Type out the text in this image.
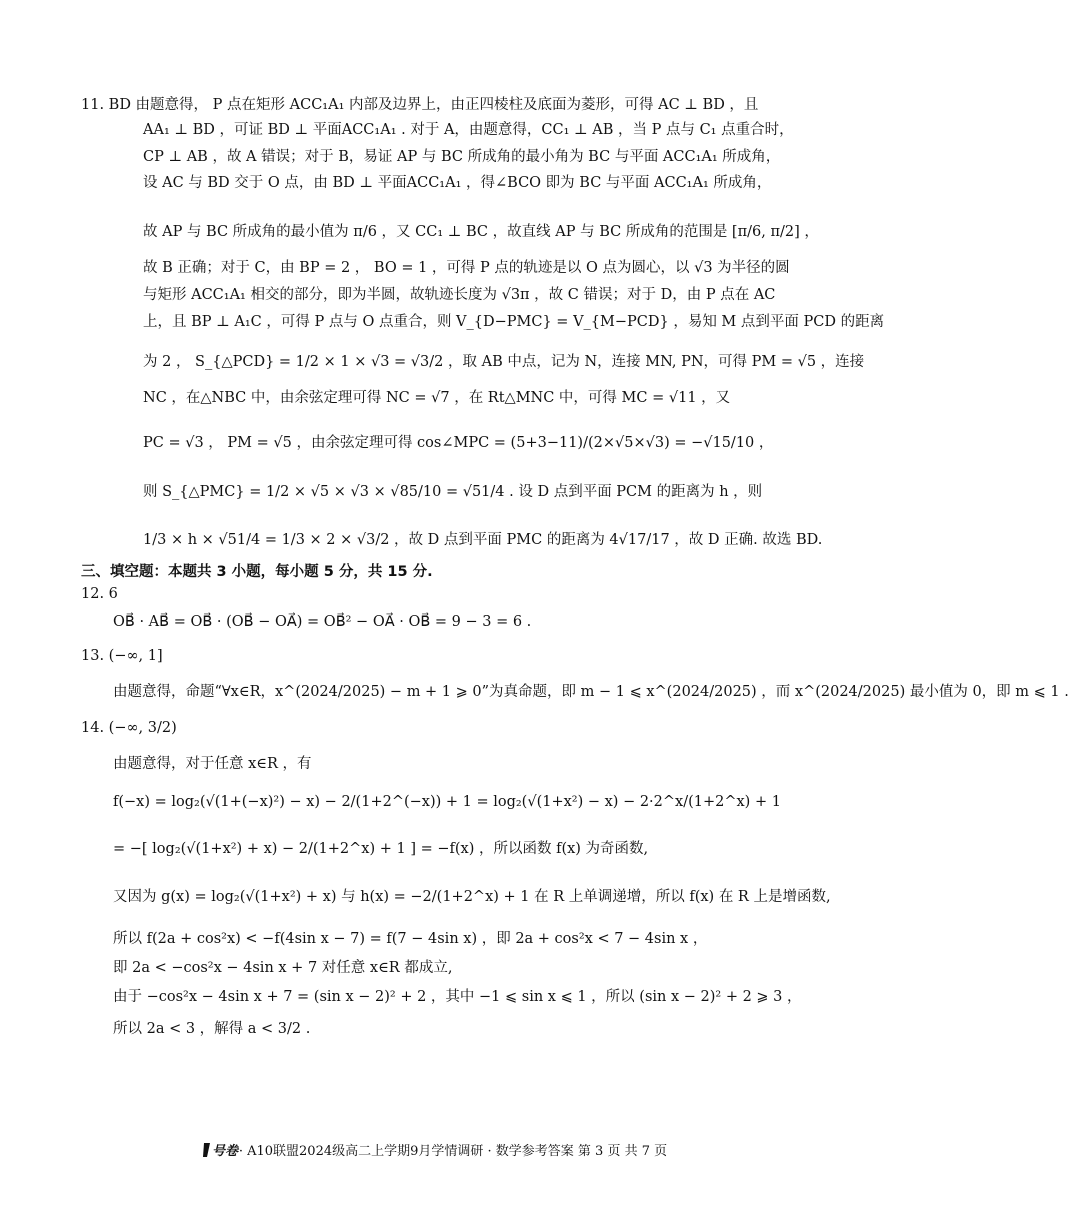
11. BD 由题意得， P 点在矩形 ACC₁A₁ 内部及边界上，由正四棱柱及底面为菱形，可得 AC ⊥ BD ，且
AA₁ ⊥ BD ，可证 BD ⊥ 平面ACC₁A₁ . 对于 A，由题意得，CC₁ ⊥ AB ，当 P 点与 C₁ 点重合时，
CP ⊥ AB ，故 A 错误；对于 B，易证 AP 与 BC 所成角的最小角为 BC 与平面 ACC₁A₁ 所成角，
设 AC 与 BD 交于 O 点，由 BD ⊥ 平面ACC₁A₁ ，得∠BCO 即为 BC 与平面 ACC₁A₁ 所成角，
故 AP 与 BC 所成角的最小值为 π/6 ，又 CC₁ ⊥ BC ，故直线 AP 与 BC 所成角的范围是 [π/6, π/2] ，
故 B 正确；对于 C，由 BP = 2 ， BO = 1 ，可得 P 点的轨迹是以 O 点为圆心，以 √3 为半径的圆
与矩形 ACC₁A₁ 相交的部分，即为半圆，故轨迹长度为 √3π ，故 C 错误；对于 D，由 P 点在 AC
上，且 BP ⊥ A₁C ，可得 P 点与 O 点重合，则 V_{D−PMC} = V_{M−PCD} ，易知 M 点到平面 PCD 的距离
为 2 ， S_{△PCD} = 1/2 × 1 × √3 = √3/2 ，取 AB 中点，记为 N，连接 MN, PN，可得 PM = √5 ，连接
NC ，在△NBC 中，由余弦定理可得 NC = √7 ，在 Rt△MNC 中，可得 MC = √11 ，又
PC = √3 ， PM = √5 ，由余弦定理可得 cos∠MPC = (5+3−11)/(2×√5×√3) = −√15/10 ，
则 S_{△PMC} = 1/2 × √5 × √3 × √85/10 = √51/4 . 设 D 点到平面 PCM 的距离为 h ，则
1/3 × h × √51/4 = 1/3 × 2 × √3/2 ，故 D 点到平面 PMC 的距离为 4√17/17 ，故 D 正确. 故选 BD.
三、填空题：本题共 3 小题，每小题 5 分，共 15 分.
12. 6
OB⃗ · AB⃗ = OB⃗ · (OB⃗ − OA⃗) = OB⃗² − OA⃗ · OB⃗ = 9 − 3 = 6 .
13. (−∞, 1]
由题意得，命题“∀x∈R，x^(2024/2025) − m + 1 ⩾ 0”为真命题，即 m − 1 ⩽ x^(2024/2025) ，而 x^(2024/2025) 最小值为 0，即 m ⩽ 1 .
14. (−∞, 3/2)
由题意得，对于任意 x∈R ，有
f(−x) = log₂(√(1+(−x)²) − x) − 2/(1+2^(−x)) + 1 = log₂(√(1+x²) − x) − 2·2^x/(1+2^x) + 1
= −[ log₂(√(1+x²) + x) − 2/(1+2^x) + 1 ] = −f(x) ，所以函数 f(x) 为奇函数,
又因为 g(x) = log₂(√(1+x²) + x) 与 h(x) = −2/(1+2^x) + 1 在 R 上单调递增，所以 f(x) 在 R 上是增函数,
所以 f(2a + cos²x) < −f(4sin x − 7) = f(7 − 4sin x) ，即 2a + cos²x < 7 − 4sin x ，
即 2a < −cos²x − 4sin x + 7 对任意 x∈R 都成立,
由于 −cos²x − 4sin x + 7 = (sin x − 2)² + 2 ，其中 −1 ⩽ sin x ⩽ 1 ，所以 (sin x − 2)² + 2 ⩾ 3 ，
所以 2a < 3 ，解得 a < 3/2 .
号卷 · A10联盟2024级高二上学期9月学情调研 · 数学参考答案 第 3 页 共 7 页
